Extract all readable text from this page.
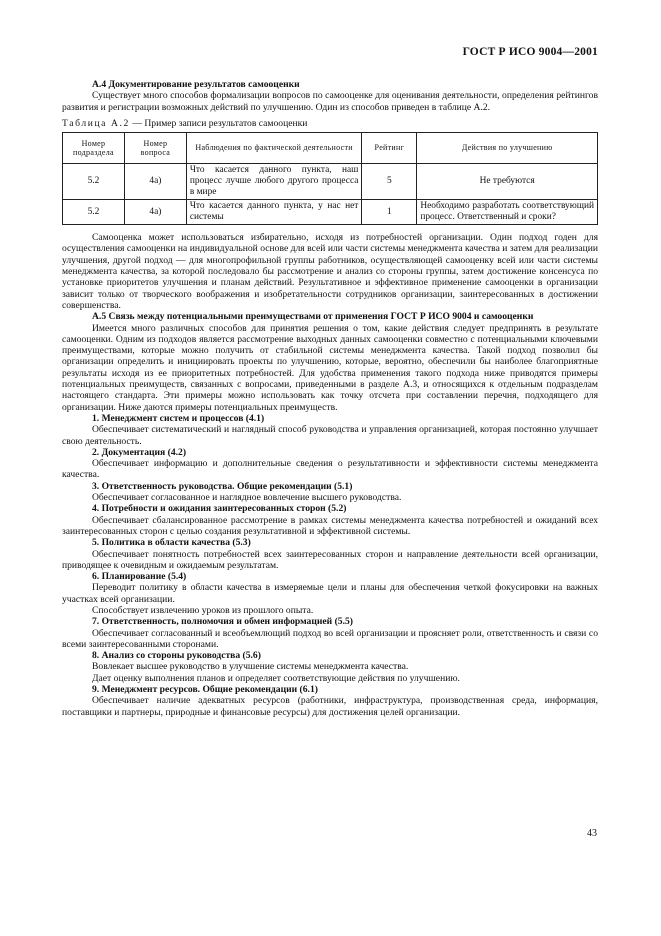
ГОСТ Р ИСО 9004—2001

А.4 Документирование результатов самооценки

Существует много способов формализации вопросов по самооценке для оценивания деятельности, определения рейтингов развития и регистрации возможных действий по улучшению. Один из способов приведен в таблице А.2.

Таблица А.2 — Пример записи результатов самооценки

Номер подраздела	Номер вопроса	Наблюдения по фактической деятельности	Рейтинг	Действия по улучшению
5.2	4а)	Что касается данного пункта, наш процесс лучше любого другого процесса в мире	5	Не требуются
5.2	4а)	Что касается данного пункта, у нас нет системы	1	Необходимо разработать соответствующий процесс. Ответственный и сроки?

Самооценка может использоваться избирательно, исходя из потребностей организации. Один подход годен для осуществления самооценки на индивидуальной основе для всей или части системы менеджмента качества и затем для реализации улучшения, другой подход — для многопрофильной группы работников, осуществляющей самооценку всей или части системы менеджмента качества, за которой последовало бы рассмотрение и анализ со стороны группы, затем достижение консенсуса по установке приоритетов улучшения и планам действий. Результативное и эффективное применение самооценки в организации зависит только от творческого воображения и изобретательности сотрудников организации, заинтересованных в достижении совершенства.

А.5 Связь между потенциальными преимуществами от применения ГОСТ Р ИСО 9004 и самооценки

Имеется много различных способов для принятия решения о том, какие действия следует предпринять в результате самооценки. Одним из подходов является рассмотрение выходных данных самооценки совместно с потенциальными ключевыми преимуществами, которые можно получить от стабильной системы менеджмента качества. Такой подход позволил бы организации определить и инициировать проекты по улучшению, которые, вероятно, обеспечили бы наиболее благоприятные результаты исходя из ее приоритетных потребностей. Для удобства применения такого подхода ниже приводятся примеры потенциальных преимуществ, связанных с вопросами, приведенными в разделе А.3, и относящихся к отдельным подразделам настоящего стандарта. Эти примеры можно использовать как точку отсчета при составлении перечня, подходящего для организации. Ниже даются примеры потенциальных преимуществ.

1. Менеджмент систем и процессов (4.1)

Обеспечивает систематический и наглядный способ руководства и управления организацией, которая постоянно улучшает свою деятельность.

2. Документация (4.2)

Обеспечивает информацию и дополнительные сведения о результативности и эффективности системы менеджмента качества.

3. Ответственность руководства. Общие рекомендации (5.1)

Обеспечивает согласованное и наглядное вовлечение высшего руководства.

4. Потребности и ожидания заинтересованных сторон (5.2)

Обеспечивает сбалансированное рассмотрение в рамках системы менеджмента качества потребностей и ожиданий всех заинтересованных сторон с целью создания результативной и эффективной системы.

5. Политика в области качества (5.3)

Обеспечивает понятность потребностей всех заинтересованных сторон и направление деятельности всей организации, приводящее к очевидным и ожидаемым результатам.

6. Планирование (5.4)

Переводит политику в области качества в измеряемые цели и планы для обеспечения четкой фокусировки на важных участках всей организации.

Способствует извлечению уроков из прошлого опыта.

7. Ответственность, полномочия и обмен информацией (5.5)

Обеспечивает согласованный и всеобъемлющий подход во всей организации и проясняет роли, ответственность и связи со всеми заинтересованными сторонами.

8. Анализ со стороны руководства (5.6)

Вовлекает высшее руководство в улучшение системы менеджмента качества.

Дает оценку выполнения планов и определяет соответствующие действия по улучшению.

9. Менеджмент ресурсов. Общие рекомендации (6.1)

Обеспечивает наличие адекватных ресурсов (работники, инфраструктура, производственная среда, информация, поставщики и партнеры, природные и финансовые ресурсы) для достижения целей организации.

43
